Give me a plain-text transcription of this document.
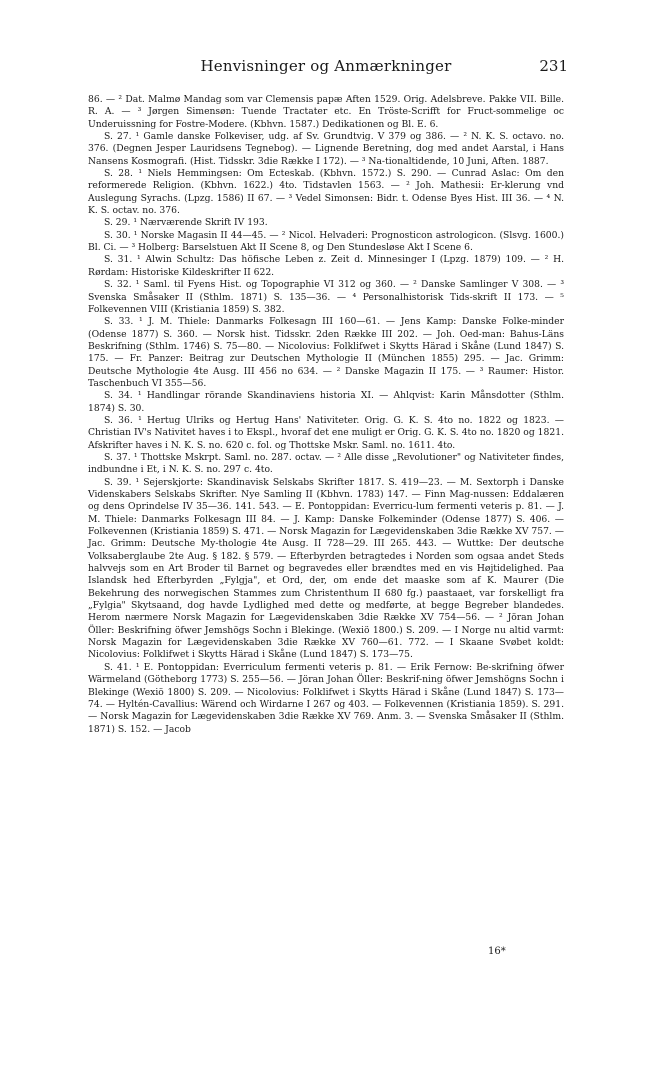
Henvisninger og Anmærkninger	231

86. — ² Dat. Malmø Mandag som var Clemensis papæ Aften 1529. Orig. Adelsbreve. Pakke VII. Bille. R. A. — ³ Jørgen Simensøn: Tuende Tractater etc. En Tröste-Scrifft for Fruct-sommelige oc Underuissning for Fostre-Modere. (Kbhvn. 1587.) Dedikationen og Bl. E. 6.

S. 27. ¹ Gamle danske Folkeviser, udg. af Sv. Grundtvig. V 379 og 386. — ² N. K. S. octavo. no. 376. (Degnen Jesper Lauridsens Tegnebog). — Lignende Beretning, dog med andet Aarstal, i Hans Nansens Kosmografi. (Hist. Tidsskr. 3die Række I 172). — ³ Na-tionaltidende, 10 Juni, Aften. 1887.

S. 28. ¹ Niels Hemmingsen: Om Ecteskab. (Kbhvn. 1572.) S. 290. — Cunrad Aslac: Om den reformerede Religion. (Kbhvn. 1622.) 4to. Tidstavlen 1563. — ² Joh. Mathesii: Er-klerung vnd Auslegung Syrachs. (Lpzg. 1586) II 67. — ³ Vedel Simonsen: Bidr. t. Odense Byes Hist. III 36. — ⁴ N. K. S. octav. no. 376.

S. 29. ¹ Nærværende Skrift IV 193.

S. 30. ¹ Norske Magasin II 44—45. — ² Nicol. Helvaderi: Prognosticon astrologicon. (Slsvg. 1600.) Bl. Ci. — ³ Holberg: Barselstuen Akt II Scene 8, og Den Stundesløse Akt I Scene 6.

S. 31. ¹ Alwin Schultz: Das höfische Leben z. Zeit d. Minnesinger I (Lpzg. 1879) 109. — ² H. Rørdam: Historiske Kildeskrifter II 622.

S. 32. ¹ Saml. til Fyens Hist. og Topographie VI 312 og 360. — ² Danske Samlinger V 308. — ³ Svenska Småsaker II (Sthlm. 1871) S. 135—36. — ⁴ Personalhistorisk Tids-skrift II 173. — ⁵ Folkevennen VIII (Kristiania 1859) S. 382.

S. 33. ¹ J. M. Thiele: Danmarks Folkesagn III 160—61. — Jens Kamp: Danske Folke-minder (Odense 1877) S. 360. — Norsk hist. Tidsskr. 2den Række III 202. — Joh. Oed-man: Bahus-Läns Beskrifning (Sthlm. 1746) S. 75—80. — Nicolovius: Folklifwet i Skytts Härad i Skåne (Lund 1847) S. 175. — Fr. Panzer: Beitrag zur Deutschen Mythologie II (München 1855) 295. — Jac. Grimm: Deutsche Mythologie 4te Ausg. III 456 no 634. — ² Danske Magazin II 175. — ³ Raumer: Histor. Taschenbuch VI 355—56.

S. 34. ¹ Handlingar rörande Skandinaviens historia XI. — Ahlqvist: Karin Månsdotter (Sthlm. 1874) S. 30.

S. 36. ¹ Hertug Ulriks og Hertug Hans' Nativiteter. Orig. G. K. S. 4to no. 1822 og 1823. — Christian IV's Nativitet haves i to Ekspl., hvoraf det ene muligt er Orig. G. K. S. 4to no. 1820 og 1821. Afskrifter haves i N. K. S. no. 620 c. fol. og Thottske Mskr. Saml. no. 1611. 4to.

S. 37. ¹ Thottske Mskrpt. Saml. no. 287. octav. — ² Alle disse „Revolutioner" og Nativiteter findes, indbundne i Et, i N. K. S. no. 297 c. 4to.

S. 39. ¹ Sejerskjorte: Skandinavisk Selskabs Skrifter 1817. S. 419—23. — M. Sextorph i Danske Videnskabers Selskabs Skrifter. Nye Samling II (Kbhvn. 1783) 147. — Finn Mag-nussen: Eddalæren og dens Oprindelse IV 35—36. 141. 543. — E. Pontoppidan: Everricu-lum fermenti veteris p. 81. — J. M. Thiele: Danmarks Folkesagn III 84. — J. Kamp: Danske Folkeminder (Odense 1877) S. 406. — Folkevennen (Kristiania 1859) S. 471. — Norsk Magazin for Lægevidenskaben 3die Række XV 757. — Jac. Grimm: Deutsche My-thologie 4te Ausg. II 728—29. III 265. 443. — Wuttke: Der deutsche Volksaberglaube 2te Aug. § 182. § 579. — Efterbyrden betragtedes i Norden som ogsaa andet Steds halvvejs som en Art Broder til Barnet og begravedes eller brændtes med en vis Højtidelighed. Paa Islandsk hed Efterbyrden „Fylgja", et Ord, der, om ende det maaske som af K. Maurer (Die Bekehrung des norwegischen Stammes zum Christenthum II 680 fg.) paastaaet, var forskelligt fra „Fylgia" Skytsaand, dog havde Lydlighed med dette og medførte, at begge Begreber blandedes. Herom nærmere Norsk Magazin for Lægevidenskaben 3die Række XV 754—56. — ² Jöran Johan Öller: Beskrifning öfwer Jemshögs Sochn i Blekinge. (Wexiö 1800.) S. 209. — I Norge nu altid varmt: Norsk Magazin for Lægevidenskaben 3die Række XV 760—61. 772. — I Skaane Svøbet koldt: Nicolovius: Folklifwet i Skytts Härad i Skåne (Lund 1847) S. 173—75.

S. 41. ¹ E. Pontoppidan: Everriculum fermenti veteris p. 81. — Erik Fernow: Be-skrifning öfwer Wärmeland (Götheborg 1773) S. 255—56. — Jöran Johan Öller: Beskrif-ning öfwer Jemshögns Sochn i Blekinge (Wexiö 1800) S. 209. — Nicolovius: Folklifwet i Skytts Härad i Skåne (Lund 1847) S. 173—74. — Hyltén-Cavallius: Wärend och Wirdarne I 267 og 403. — Folkevennen (Kristiania 1859). S. 291. — Norsk Magazin for Lægevidenskaben 3die Række XV 769. Anm. 3. — Svenska Småsaker II (Sthlm. 1871) S. 152. — Jacob

16*
